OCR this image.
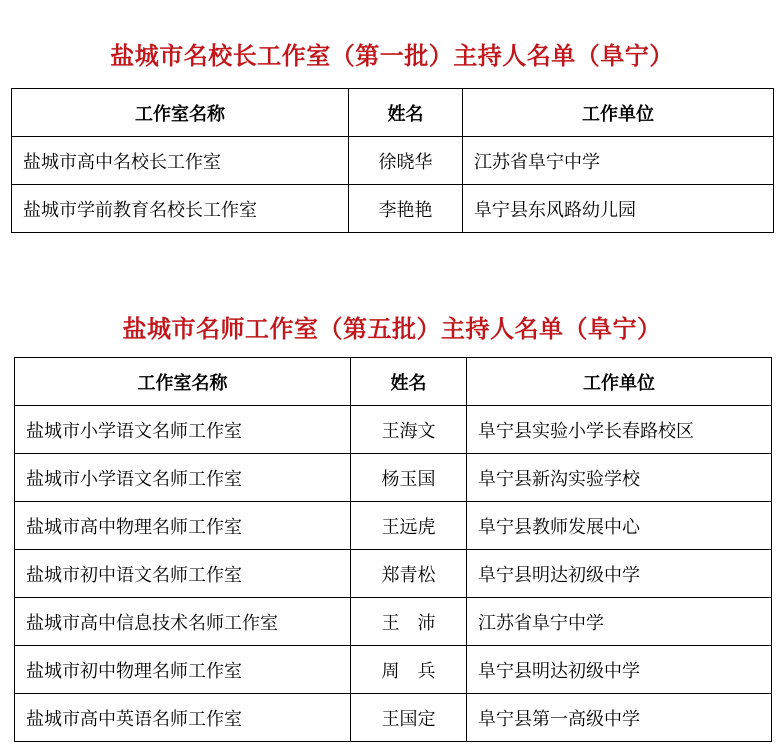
盐城市名校长工作室（第一批）主持人名单（阜宁）
工作室名称	姓名	工作单位
盐城市高中名校长工作室	徐晓华	江苏省阜宁中学
盐城市学前教育名校长工作室	李艳艳	阜宁县东风路幼儿园
盐城市名师工作室（第五批）主持人名单（阜宁）
工作室名称	姓名	工作单位
盐城市小学语文名师工作室	王海文	阜宁县实验小学长春路校区
盐城市小学语文名师工作室	杨玉国	阜宁县新沟实验学校
盐城市高中物理名师工作室	王远虎	阜宁县教师发展中心
盐城市初中语文名师工作室	郑青松	阜宁县明达初级中学
盐城市高中信息技术名师工作室	王　沛	江苏省阜宁中学
盐城市初中物理名师工作室	周　兵	阜宁县明达初级中学
盐城市高中英语名师工作室	王国定	阜宁县第一高级中学
